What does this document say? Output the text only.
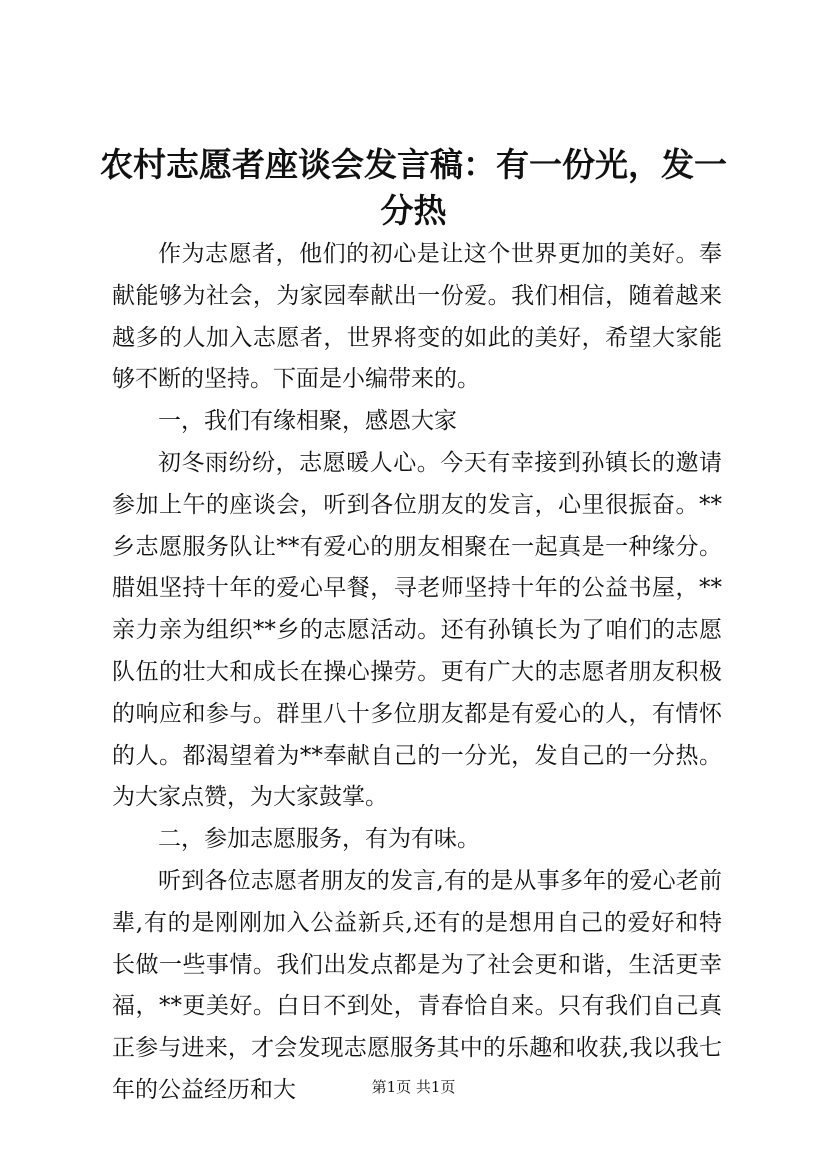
农村志愿者座谈会发言稿：有一份光，发一分热

作为志愿者，他们的初心是让这个世界更加的美好。奉献能够为社会，为家园奉献出一份爱。我们相信，随着越来越多的人加入志愿者，世界将变的如此的美好，希望大家能够不断的坚持。下面是小编带来的。

一，我们有缘相聚，感恩大家

初冬雨纷纷，志愿暖人心。今天有幸接到孙镇长的邀请参加上午的座谈会，听到各位朋友的发言，心里很振奋。**乡志愿服务队让**有爱心的朋友相聚在一起真是一种缘分。腊姐坚持十年的爱心早餐，寻老师坚持十年的公益书屋，**亲力亲为组织**乡的志愿活动。还有孙镇长为了咱们的志愿队伍的壮大和成长在操心操劳。更有广大的志愿者朋友积极的响应和参与。群里八十多位朋友都是有爱心的人，有情怀的人。都渴望着为**奉献自己的一分光，发自己的一分热。为大家点赞，为大家鼓掌。

二，参加志愿服务，有为有味。

听到各位志愿者朋友的发言,有的是从事多年的爱心老前辈,有的是刚刚加入公益新兵,还有的是想用自己的爱好和特长做一些事情。我们出发点都是为了社会更和谐，生活更幸福，**更美好。白日不到处，青春恰自来。只有我们自己真正参与进来，才会发现志愿服务其中的乐趣和收获,我以我七年的公益经历和大	第1页 共1页
